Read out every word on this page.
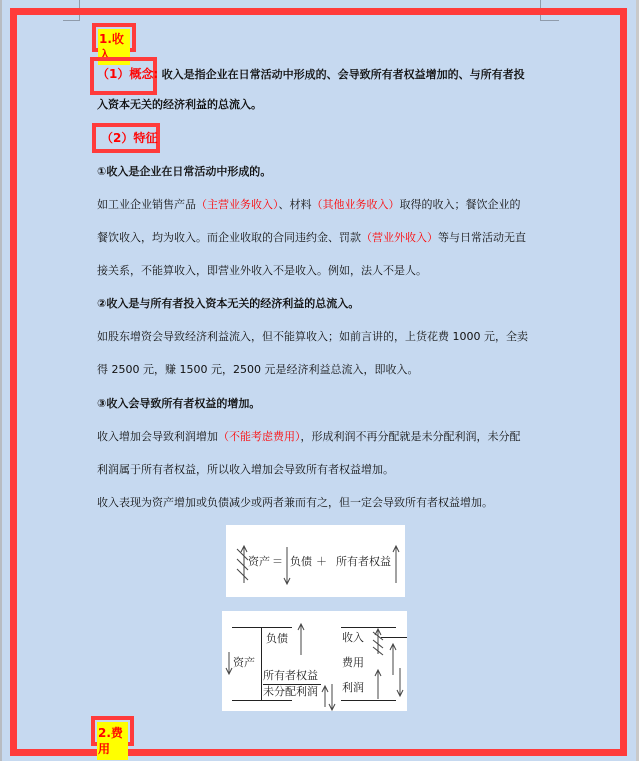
1.收入
（1）概念: 收入是指企业在日常活动中形成的、会导致所有者权益增加的、与所有者投
入资本无关的经济利益的总流入。
（2）特征
①收入是企业在日常活动中形成的。
如工业企业销售产品（主营业务收入）、材料（其他业务收入）取得的收入；餐饮企业的
餐饮收入，均为收入。而企业收取的合同违约金、罚款（营业外收入）等与日常活动无直
接关系，不能算收入，即营业外收入不是收入。例如，法人不是人。
②收入是与所有者投入资本无关的经济利益的总流入。
如股东增资会导致经济利益流入，但不能算收入；如前言讲的，上货花费 1000 元，全卖
得 2500 元，赚 1500 元，2500 元是经济利益总流入，即收入。
③收入会导致所有者权益的增加。
收入增加会导致利润增加（不能考虑费用），形成利润不再分配就是未分配利润，未分配
利润属于所有者权益，所以收入增加会导致所有者权益增加。
收入表现为资产增加或负债减少或两者兼而有之，但一定会导致所有者权益增加。
资产 ＝ 负债 ＋ 所有者权益
负债
资产
所有者权益
未分配利润
收入
费用
利润
2.费用
